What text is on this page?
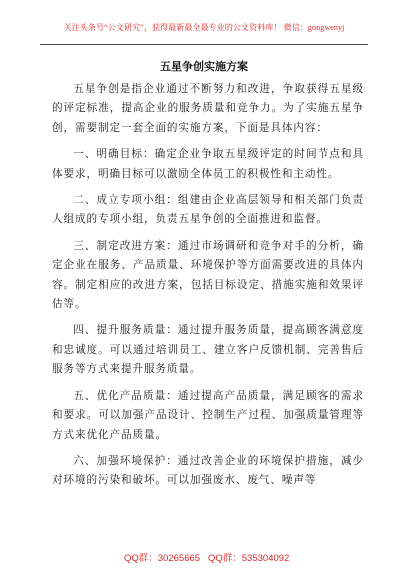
关注头条号“公文研究”，获得最新最全最专业的公文资料库！ 微信：gongwenyj
五星争创实施方案

五星争创是指企业通过不断努力和改进，争取获得五星级的评定标准，提高企业的服务质量和竞争力。为了实施五星争创，需要制定一套全面的实施方案，下面是具体内容：

一、明确目标：确定企业争取五星级评定的时间节点和具体要求，明确目标可以激励全体员工的积极性和主动性。

二、成立专项小组：组建由企业高层领导和相关部门负责人组成的专项小组，负责五星争创的全面推进和监督。

三、制定改进方案：通过市场调研和竞争对手的分析，确定企业在服务、产品质量、环境保护等方面需要改进的具体内容。制定相应的改进方案，包括目标设定、措施实施和效果评估等。

四、提升服务质量：通过提升服务质量，提高顾客满意度和忠诚度。可以通过培训员工、建立客户反馈机制、完善售后服务等方式来提升服务质量。

五、优化产品质量：通过提高产品质量，满足顾客的需求和要求。可以加强产品设计、控制生产过程、加强质量管理等方式来优化产品质量。

六、加强环境保护：通过改善企业的环境保护措施，减少对环境的污染和破坏。可以加强废水、废气、噪声等

QQ群：30265665 QQ群：535304092
